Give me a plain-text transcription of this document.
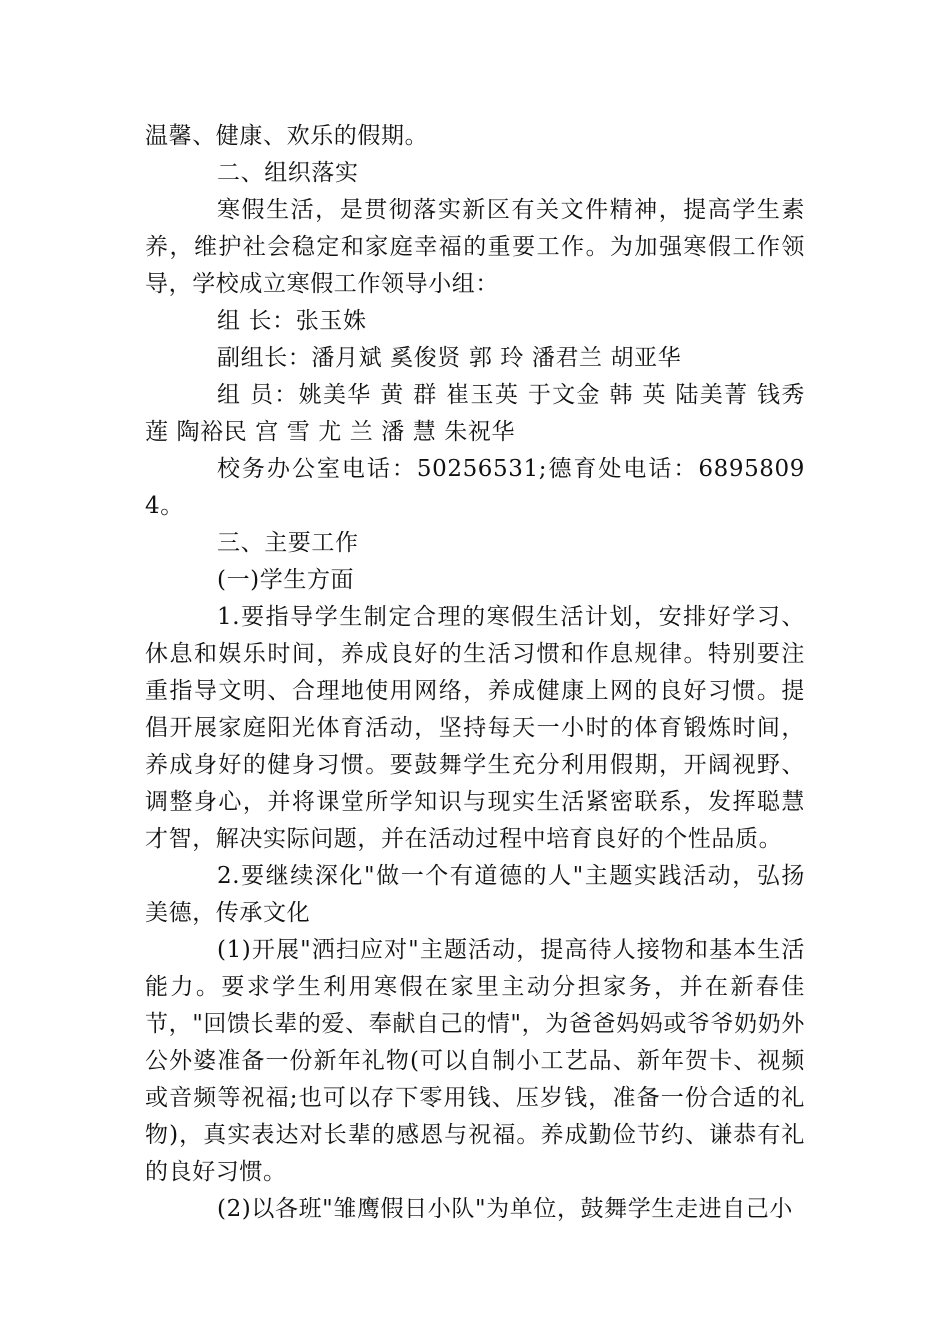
温馨、健康、欢乐的假期。

二、组织落实

寒假生活，是贯彻落实新区有关文件精神，提高学生素养，维护社会稳定和家庭幸福的重要工作。为加强寒假工作领导，学校成立寒假工作领导小组：

组 长：张玉姝

副组长：潘月斌 奚俊贤 郭 玲 潘君兰 胡亚华

组 员：姚美华 黄 群 崔玉英 于文金 韩 英 陆美菁 钱秀莲 陶裕民 宫 雪 尤 兰 潘 慧 朱祝华

校务办公室电话：50256531;德育处电话：68958094。

三、主要工作

(一)学生方面

1.要指导学生制定合理的寒假生活计划，安排好学习、休息和娱乐时间，养成良好的生活习惯和作息规律。特别要注重指导文明、合理地使用网络，养成健康上网的良好习惯。提倡开展家庭阳光体育活动，坚持每天一小时的体育锻炼时间，养成身好的健身习惯。要鼓舞学生充分利用假期，开阔视野、调整身心，并将课堂所学知识与现实生活紧密联系，发挥聪慧才智，解决实际问题，并在活动过程中培育良好的个性品质。

2.要继续深化"做一个有道德的人"主题实践活动，弘扬美德，传承文化

(1)开展"洒扫应对"主题活动，提高待人接物和基本生活能力。要求学生利用寒假在家里主动分担家务，并在新春佳节，"回馈长辈的爱、奉献自己的情"，为爸爸妈妈或爷爷奶奶外公外婆准备一份新年礼物(可以自制小工艺品、新年贺卡、视频或音频等祝福;也可以存下零用钱、压岁钱，准备一份合适的礼物)，真实表达对长辈的感恩与祝福。养成勤俭节约、谦恭有礼的良好习惯。

(2)以各班"雏鹰假日小队"为单位，鼓舞学生走进自己小
